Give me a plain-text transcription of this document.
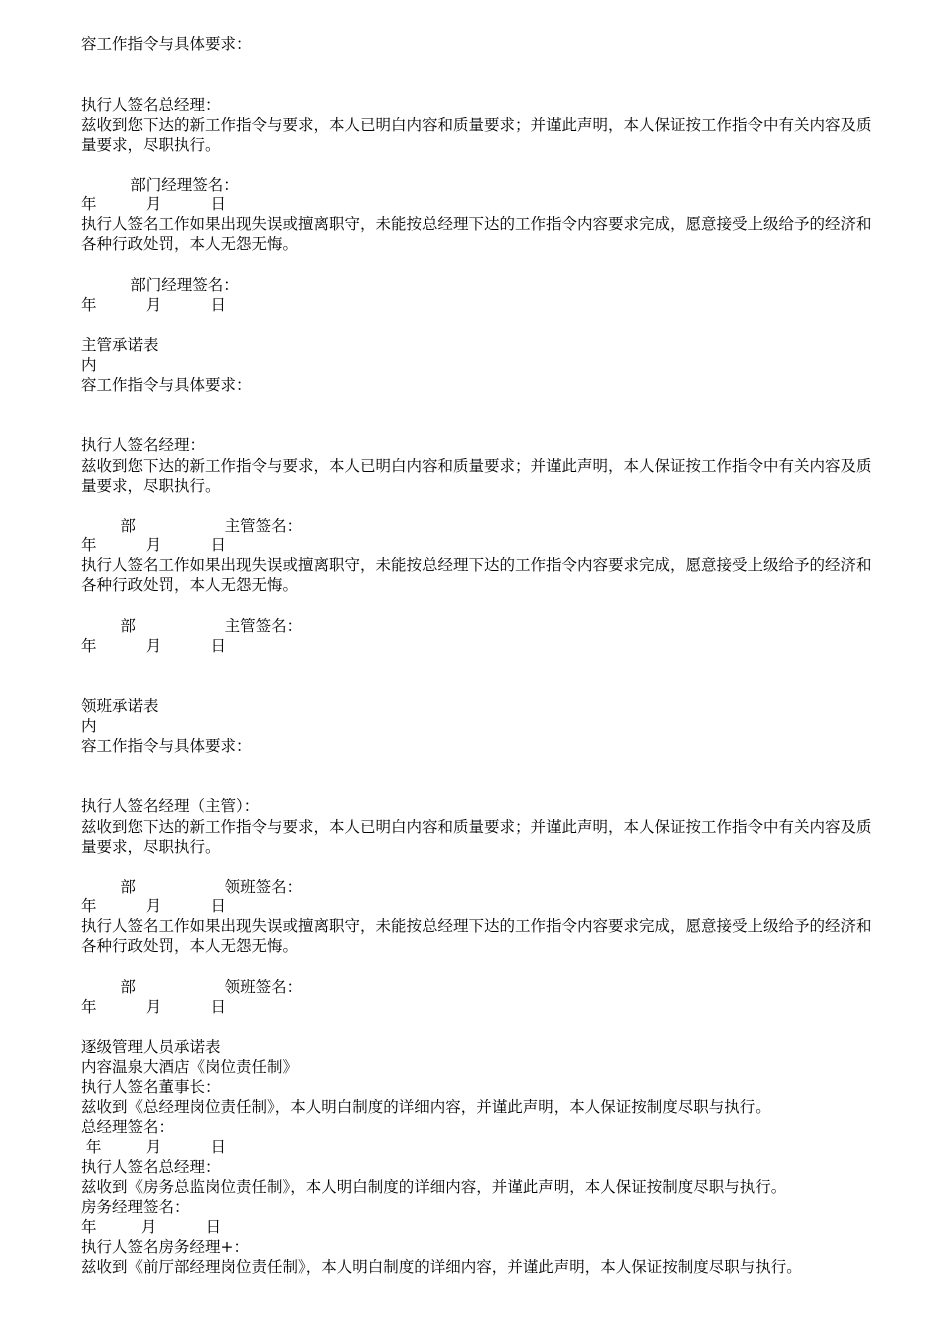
容工作指令与具体要求：
执行人签名总经理：
兹收到您下达的新工作指令与要求，本人已明白内容和质量要求；并谨此声明，本人保证按工作指令中有关内容及质量要求，尽职执行。
部门经理签名：
年          月          日
执行人签名工作如果出现失误或擅离职守，未能按总经理下达的工作指令内容要求完成，愿意接受上级给予的经济和各种行政处罚，本人无怨无悔。
部门经理签名：
年          月          日
主管承诺表
内
容工作指令与具体要求：
执行人签名经理：
兹收到您下达的新工作指令与要求，本人已明白内容和质量要求；并谨此声明，本人保证按工作指令中有关内容及质量要求，尽职执行。
部                  主管签名：
年          月          日
执行人签名工作如果出现失误或擅离职守，未能按总经理下达的工作指令内容要求完成，愿意接受上级给予的经济和各种行政处罚，本人无怨无悔。
部                  主管签名：
年          月          日
领班承诺表
内
容工作指令与具体要求：
执行人签名经理（主管）：
兹收到您下达的新工作指令与要求，本人已明白内容和质量要求；并谨此声明，本人保证按工作指令中有关内容及质量要求，尽职执行。
部                  领班签名：
年          月          日
执行人签名工作如果出现失误或擅离职守，未能按总经理下达的工作指令内容要求完成，愿意接受上级给予的经济和各种行政处罚，本人无怨无悔。
部                  领班签名：
年          月          日
逐级管理人员承诺表
内容温泉大酒店《岗位责任制》
执行人签名董事长：
兹收到《总经理岗位责任制》，本人明白制度的详细内容，并谨此声明，本人保证按制度尽职与执行。
总经理签名：
年         月          日
执行人签名总经理：
兹收到《房务总监岗位责任制》，本人明白制度的详细内容，并谨此声明，本人保证按制度尽职与执行。
房务经理签名：
年         月          日
执行人签名房务经理+：
兹收到《前厅部经理岗位责任制》，本人明白制度的详细内容，并谨此声明，本人保证按制度尽职与执行。
